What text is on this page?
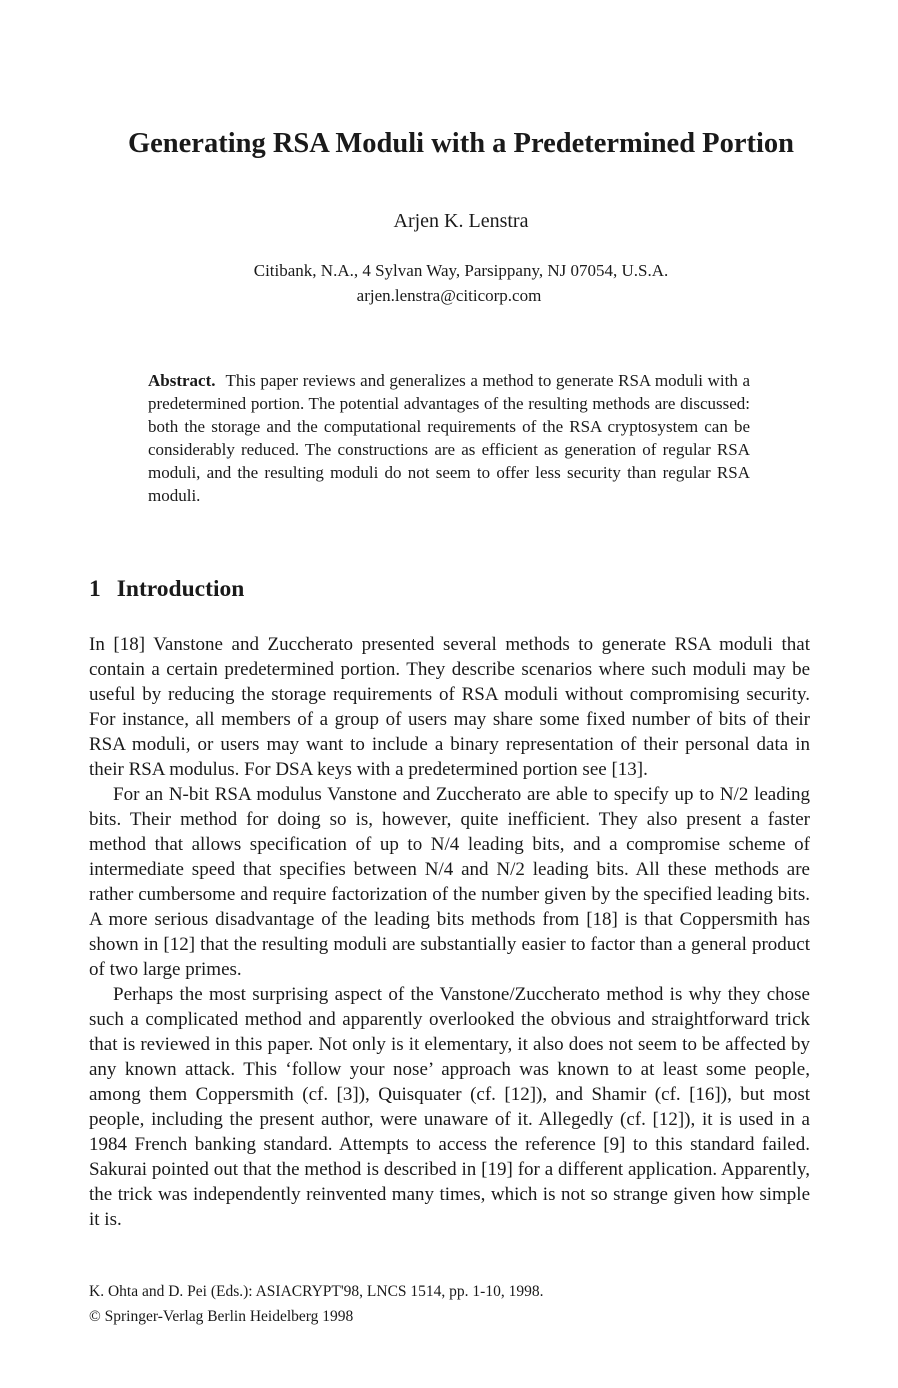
Generating RSA Moduli with a Predetermined Portion
Arjen K. Lenstra
Citibank, N.A., 4 Sylvan Way, Parsippany, NJ 07054, U.S.A.
arjen.lenstra@citicorp.com
Abstract. This paper reviews and generalizes a method to generate RSA moduli with a predetermined portion. The potential advantages of the resulting methods are discussed: both the storage and the computational requirements of the RSA cryptosystem can be considerably reduced. The constructions are as efficient as generation of regular RSA moduli, and the resulting moduli do not seem to offer less security than regular RSA moduli.
1 Introduction

In [18] Vanstone and Zuccherato presented several methods to generate RSA moduli that contain a certain predetermined portion. They describe scenarios where such moduli may be useful by reducing the storage requirements of RSA moduli without compromising security. For instance, all members of a group of users may share some fixed number of bits of their RSA moduli, or users may want to include a binary representation of their personal data in their RSA modulus. For DSA keys with a predetermined portion see [13].

For an N-bit RSA modulus Vanstone and Zuccherato are able to specify up to N/2 leading bits. Their method for doing so is, however, quite inefficient. They also present a faster method that allows specification of up to N/4 leading bits, and a compromise scheme of intermediate speed that specifies between N/4 and N/2 leading bits. All these methods are rather cumbersome and require factorization of the number given by the specified leading bits. A more serious disadvantage of the leading bits methods from [18] is that Coppersmith has shown in [12] that the resulting moduli are substantially easier to factor than a general product of two large primes.

Perhaps the most surprising aspect of the Vanstone/Zuccherato method is why they chose such a complicated method and apparently overlooked the obvious and straightforward trick that is reviewed in this paper. Not only is it elementary, it also does not seem to be affected by any known attack. This ‘follow your nose’ approach was known to at least some people, among them Coppersmith (cf. [3]), Quisquater (cf. [12]), and Shamir (cf. [16]), but most people, including the present author, were unaware of it. Allegedly (cf. [12]), it is used in a 1984 French banking standard. Attempts to access the reference [9] to this standard failed. Sakurai pointed out that the method is described in [19] for a different application. Apparently, the trick was independently reinvented many times, which is not so strange given how simple it is.

K. Ohta and D. Pei (Eds.): ASIACRYPT'98, LNCS 1514, pp. 1-10, 1998.
© Springer-Verlag Berlin Heidelberg 1998
